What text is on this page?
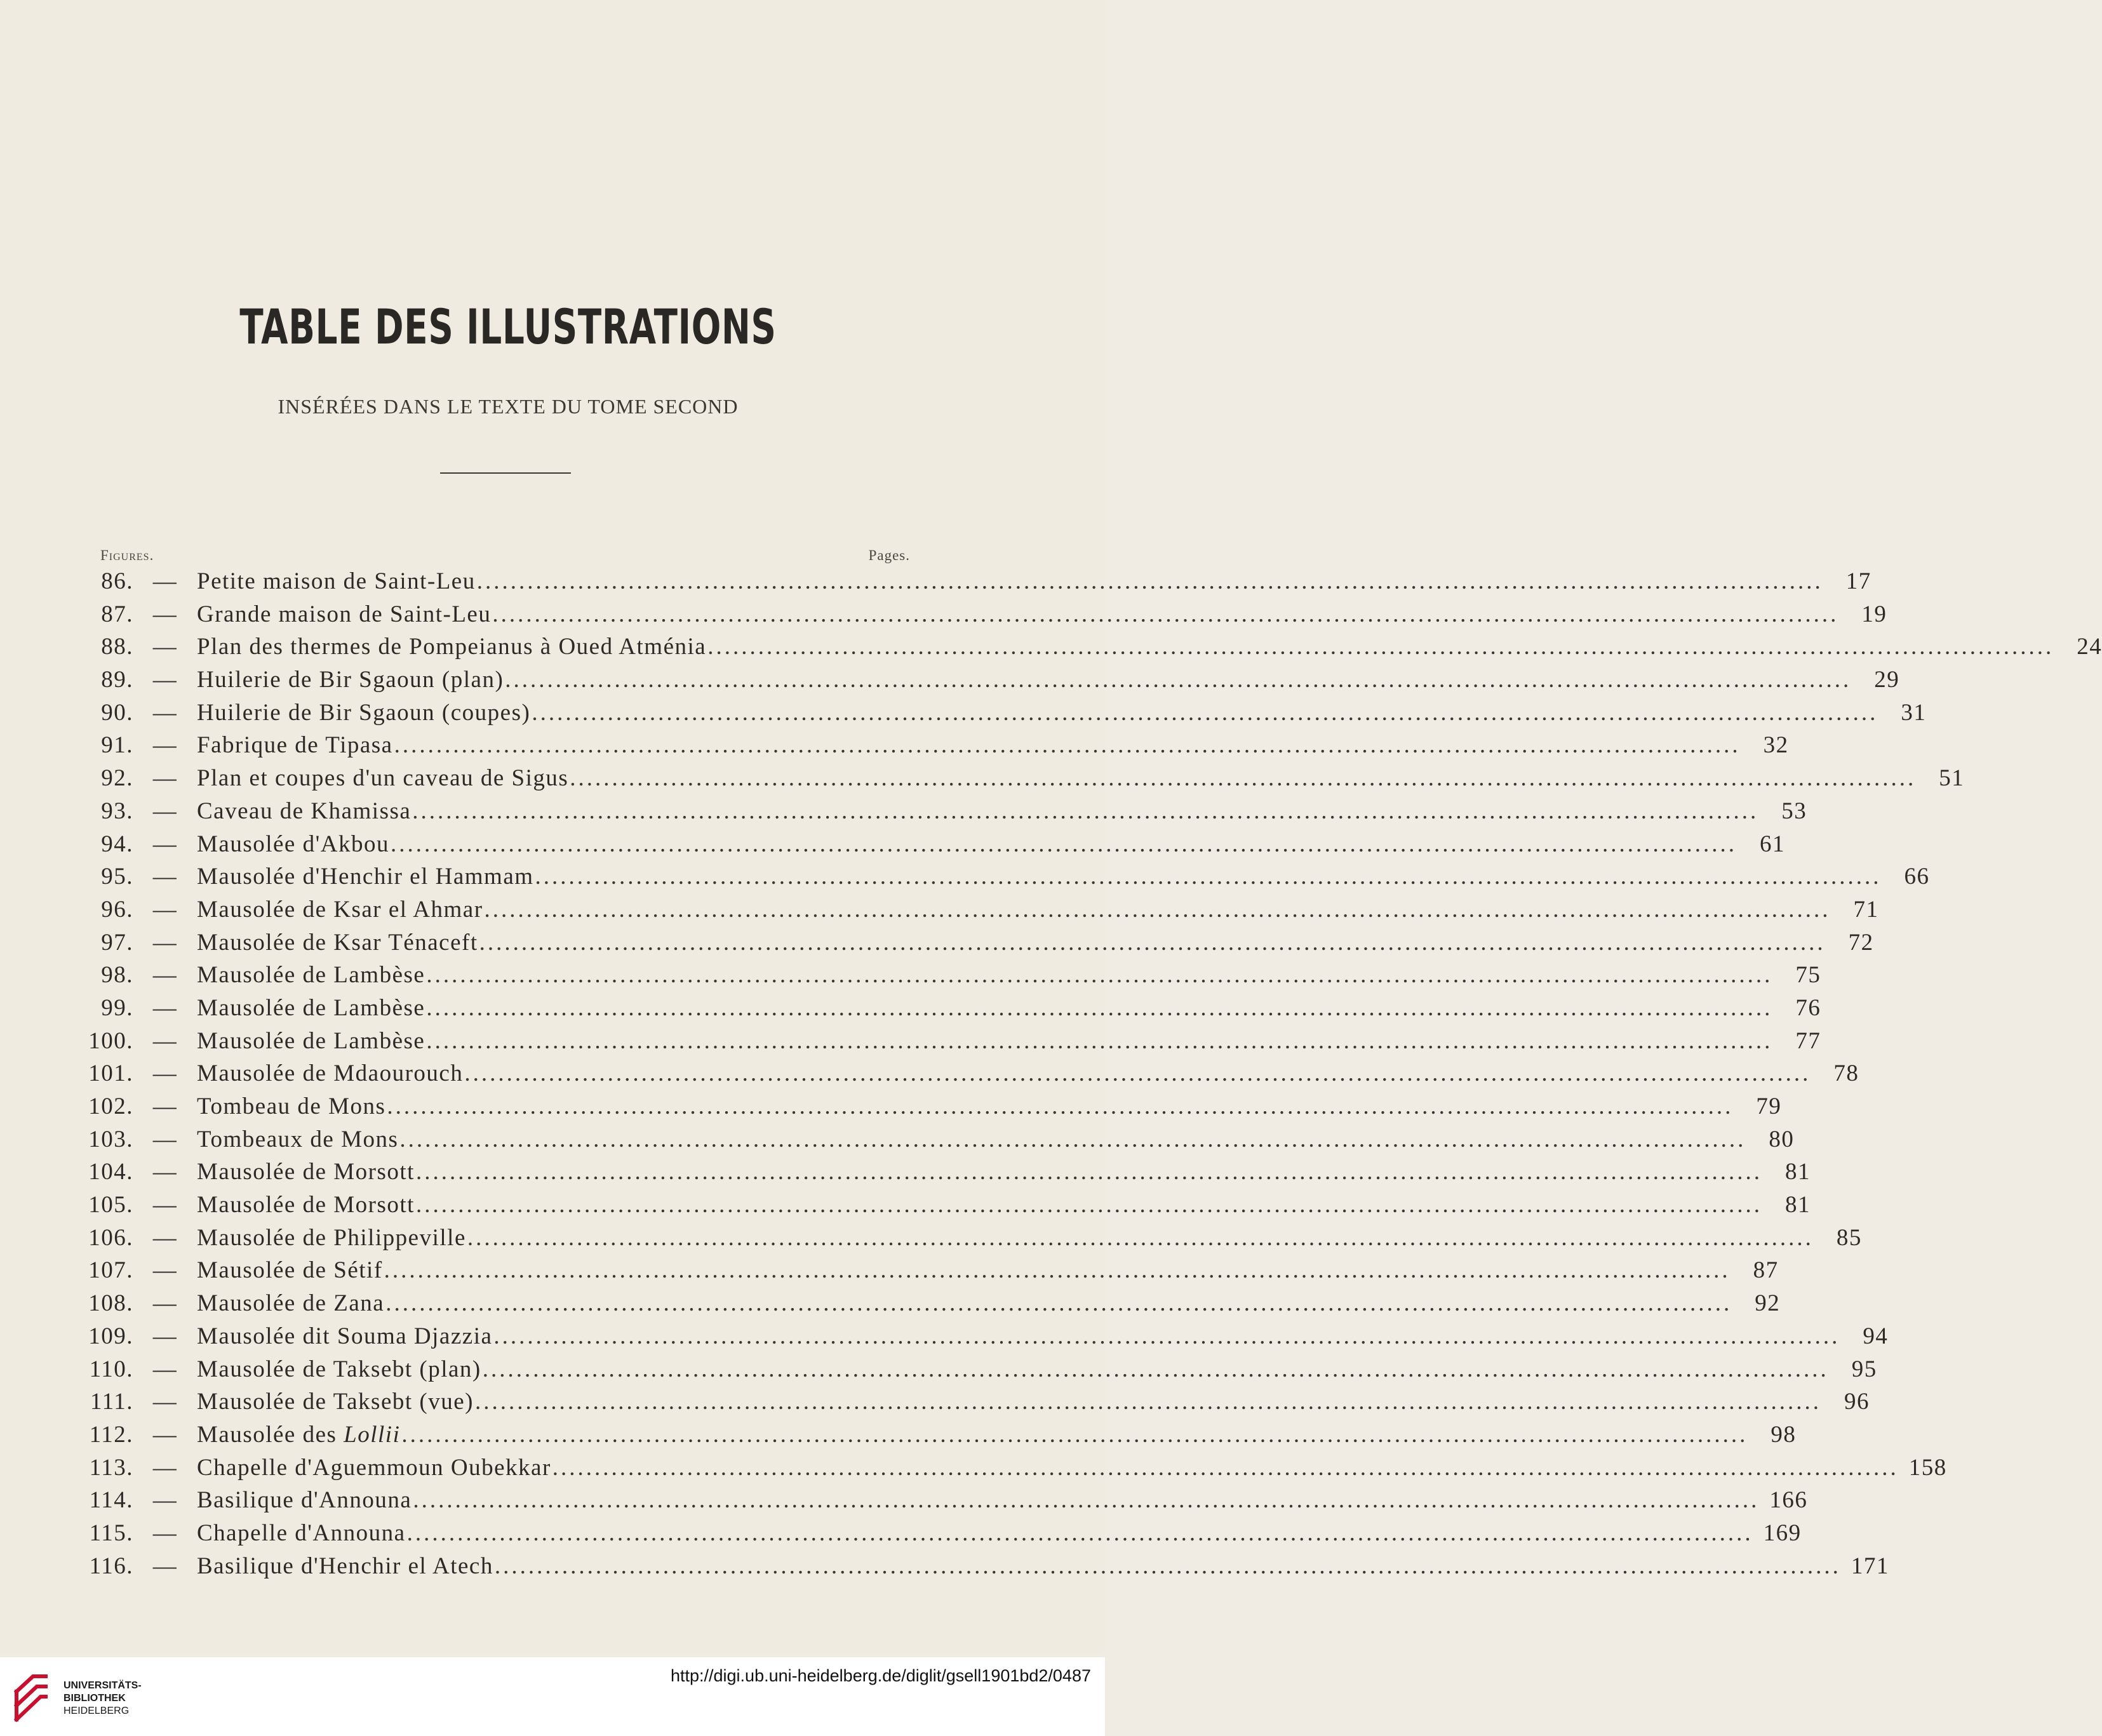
TABLE DES ILLUSTRATIONS
INSÉRÉES DANS LE TEXTE DU TOME SECOND
Figures.	Pages.
86. — Petite maison de Saint-Leu ................................................................................................................................................................ 17
87. — Grande maison de Saint-Leu ................................................................................................................................................................ 19
88. — Plan des thermes de Pompeianus à Oued Atménia ................................................................................................................................................................ 24
89. — Huilerie de Bir Sgaoun (plan) ................................................................................................................................................................ 29
90. — Huilerie de Bir Sgaoun (coupes) ................................................................................................................................................................ 31
91. — Fabrique de Tipasa ................................................................................................................................................................ 32
92. — Plan et coupes d'un caveau de Sigus ................................................................................................................................................................ 51
93. — Caveau de Khamissa ................................................................................................................................................................ 53
94. — Mausolée d'Akbou ................................................................................................................................................................ 61
95. — Mausolée d'Henchir el Hammam ................................................................................................................................................................ 66
96. — Mausolée de Ksar el Ahmar ................................................................................................................................................................ 71
97. — Mausolée de Ksar Ténaceft ................................................................................................................................................................ 72
98. — Mausolée de Lambèse ................................................................................................................................................................ 75
99. — Mausolée de Lambèse ................................................................................................................................................................ 76
100. — Mausolée de Lambèse ................................................................................................................................................................ 77
101. — Mausolée de Mdaourouch ................................................................................................................................................................ 78
102. — Tombeau de Mons ................................................................................................................................................................ 79
103. — Tombeaux de Mons ................................................................................................................................................................ 80
104. — Mausolée de Morsott ................................................................................................................................................................ 81
105. — Mausolée de Morsott ................................................................................................................................................................ 81
106. — Mausolée de Philippeville ................................................................................................................................................................ 85
107. — Mausolée de Sétif ................................................................................................................................................................ 87
108. — Mausolée de Zana ................................................................................................................................................................ 92
109. — Mausolée dit Souma Djazzia ................................................................................................................................................................ 94
110. — Mausolée de Taksebt (plan) ................................................................................................................................................................ 95
111. — Mausolée de Taksebt (vue) ................................................................................................................................................................ 96
112. — Mausolée des Lollii ................................................................................................................................................................ 98
113. — Chapelle d'Aguemmoun Oubekkar ................................................................................................................................................................ 158
114. — Basilique d'Announa ................................................................................................................................................................ 166
115. — Chapelle d'Announa ................................................................................................................................................................ 169
116. — Basilique d'Henchir el Atech ................................................................................................................................................................ 171
UNIVERSITÄTS-
BIBLIOTHEK
HEIDELBERG
http://digi.ub.uni-heidelberg.de/diglit/gsell1901bd2/0487
